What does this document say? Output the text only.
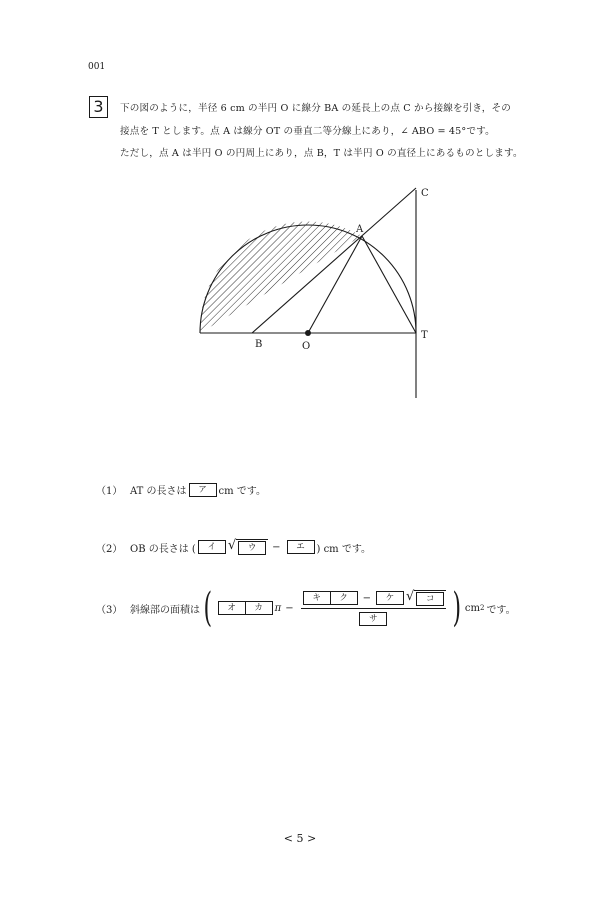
001
3	下の図のように，半径 6 cm の半円 O に線分 BA の延長上の点 C から接線を引き，その
接点を T とします。点 A は線分 OT の垂直二等分線上にあり，∠ ABO = 45°です。
ただし，点 A は半円 O の円周上にあり，点 B，T は半円 O の直径上にあるものとします。
C
A
T
B	O
（1） AT の長さは	ア	cm です。
（2） OB の長さは (	イ √	ウ	−	エ	) cm です。
（3） 斜線部の面積は (	オ	カ	π −
キ	ク	−	ケ √	コ
サ ) cm 2 です。
< 5 >
